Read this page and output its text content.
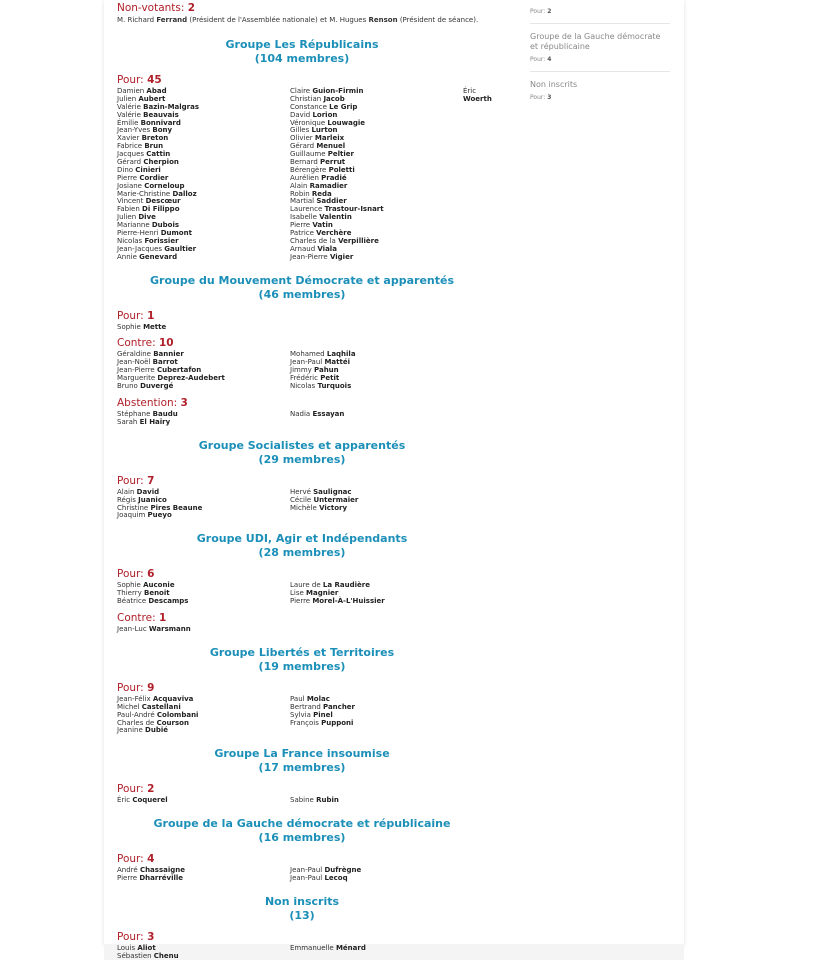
Non-votants: 2
M. Richard Ferrand (Président de l'Assemblée nationale) et M. Hugues Renson (Président de séance).
Groupe Les Républicains
(104 membres)
Pour: 45
Damien Abad
Julien Aubert
Valérie Bazin-Malgras
Valérie Beauvais
Émilie Bonnivard
Jean-Yves Bony
Xavier Breton
Fabrice Brun
Jacques Cattin
Gérard Cherpion
Dino Cinieri
Pierre Cordier
Josiane Corneloup
Marie-Christine Dalloz
Vincent Descœur
Fabien Di Filippo
Julien Dive
Marianne Dubois
Pierre-Henri Dumont
Nicolas Forissier
Jean-Jacques Gaultier
Annie Genevard
Claire Guion-Firmin
Christian Jacob
Constance Le Grip
David Lorion
Véronique Louwagie
Gilles Lurton
Olivier Marleix
Gérard Menuel
Guillaume Peltier
Bernard Perrut
Bérengère Poletti
Aurélien Pradié
Alain Ramadier
Robin Reda
Martial Saddier
Laurence Trastour-Isnart
Isabelle Valentin
Pierre Vatin
Patrice Verchère
Charles de la Verpillière
Arnaud Viala
Jean-Pierre Vigier
Éric Woerth
Groupe du Mouvement Démocrate et apparentés
(46 membres)
Pour: 1
Sophie Mette
Contre: 10
Géraldine Bannier
Jean-Noël Barrot
Jean-Pierre Cubertafon
Marguerite Deprez-Audebert
Bruno Duvergé
Mohamed Laqhila
Jean-Paul Mattéi
Jimmy Pahun
Frédéric Petit
Nicolas Turquois
Abstention: 3
Stéphane Baudu
Sarah El Haïry
Nadia Essayan
Groupe Socialistes et apparentés
(29 membres)
Pour: 7
Alain David
Régis Juanico
Christine Pires Beaune
Joaquim Pueyo
Hervé Saulignac
Cécile Untermaier
Michèle Victory
Groupe UDI, Agir et Indépendants
(28 membres)
Pour: 6
Sophie Auconie
Thierry Benoit
Béatrice Descamps
Laure de La Raudière
Lise Magnier
Pierre Morel-À-L'Huissier
Contre: 1
Jean-Luc Warsmann
Groupe Libertés et Territoires
(19 membres)
Pour: 9
Jean-Félix Acquaviva
Michel Castellani
Paul-André Colombani
Charles de Courson
Jeanine Dubié
Paul Molac
Bertrand Pancher
Sylvia Pinel
François Pupponi
Groupe La France insoumise
(17 membres)
Pour: 2
Éric Coquerel	Sabine Rubin
Groupe de la Gauche démocrate et républicaine
(16 membres)
Pour: 4
André Chassaigne
Pierre Dharréville
Jean-Paul Dufrègne
Jean-Paul Lecoq
Non inscrits
(13)
Pour: 3
Louis Aliot
Sébastien Chenu
Emmanuelle Ménard
Pour: 2
Groupe de la Gauche démocrate et républicaine
Pour: 4
Non inscrits
Pour: 3
